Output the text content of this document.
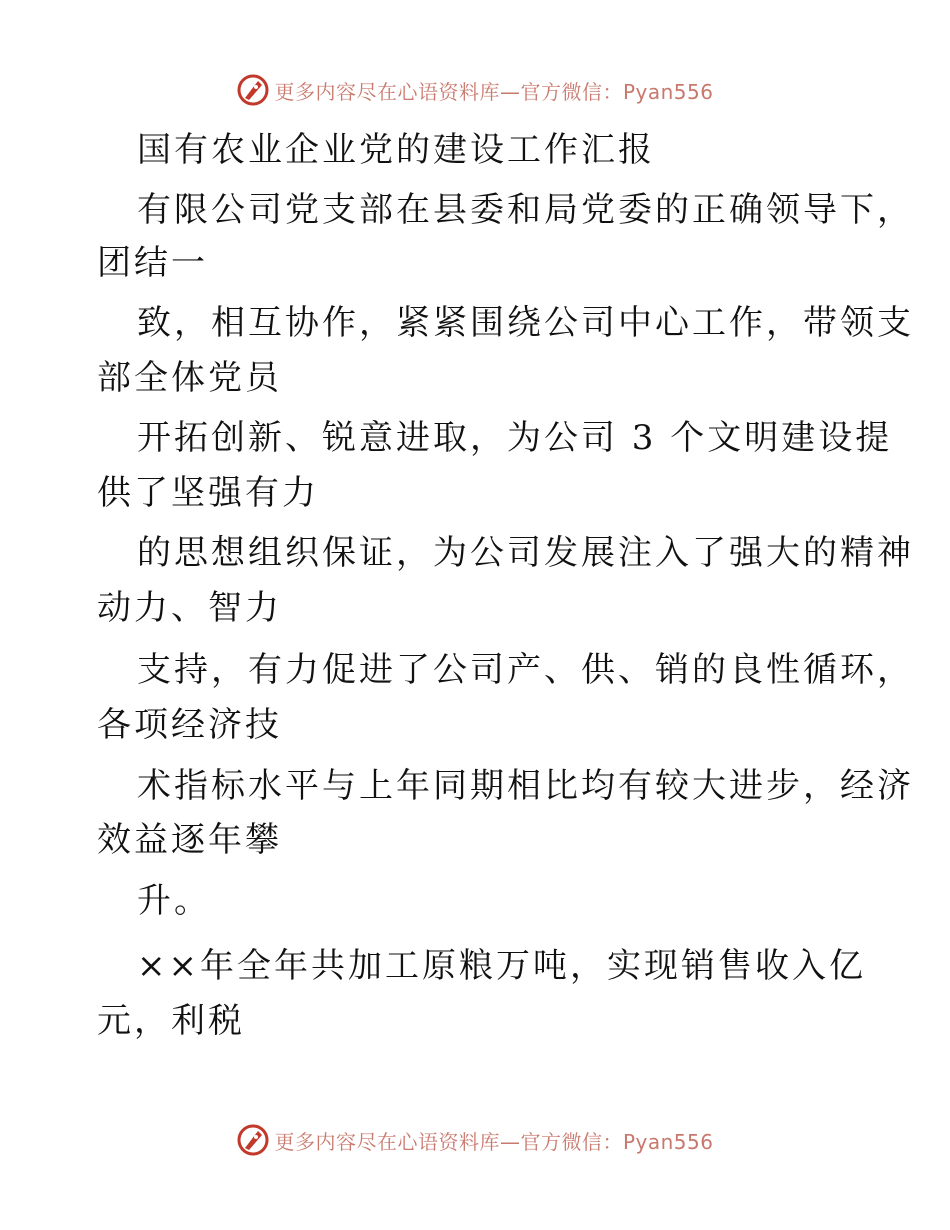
更多内容尽在心语资料库—官方微信：Pyan556
国有农业企业党的建设工作汇报
有限公司党支部在县委和局党委的正确领导下，
团结一
致，相互协作，紧紧围绕公司中心工作，带领支
部全体党员
开拓创新、锐意进取，为公司 3 个文明建设提
供了坚强有力
的思想组织保证，为公司发展注入了强大的精神
动力、智力
支持，有力促进了公司产、供、销的良性循环，
各项经济技
术指标水平与上年同期相比均有较大进步，经济
效益逐年攀
升。
××年全年共加工原粮万吨，实现销售收入亿
元，利税
更多内容尽在心语资料库—官方微信：Pyan556
